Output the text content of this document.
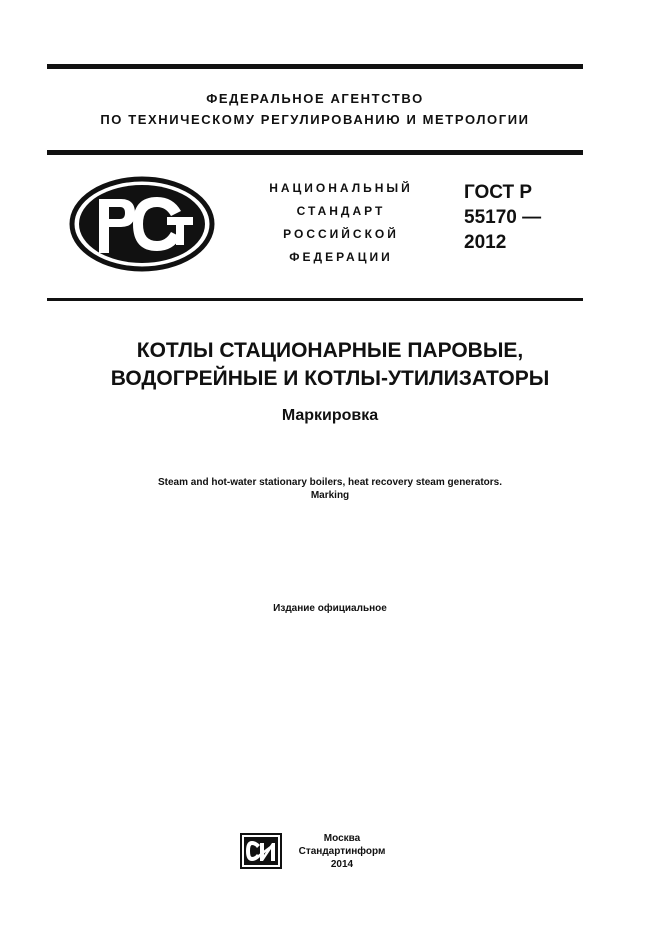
ФЕДЕРАЛЬНОЕ АГЕНТСТВО
ПО ТЕХНИЧЕСКОМУ РЕГУЛИРОВАНИЮ И МЕТРОЛОГИИ
НАЦИОНАЛЬНЫЙ
СТАНДАРТ
РОССИЙСКОЙ
ФЕДЕРАЦИИ
ГОСТ Р
55170 —
2012
КОТЛЫ СТАЦИОНАРНЫЕ ПАРОВЫЕ,
ВОДОГРЕЙНЫЕ И КОТЛЫ-УТИЛИЗАТОРЫ
Маркировка
Steam and hot-water stationary boilers, heat recovery steam generators.
Marking
Издание официальное
Москва
Стандартинформ
2014
